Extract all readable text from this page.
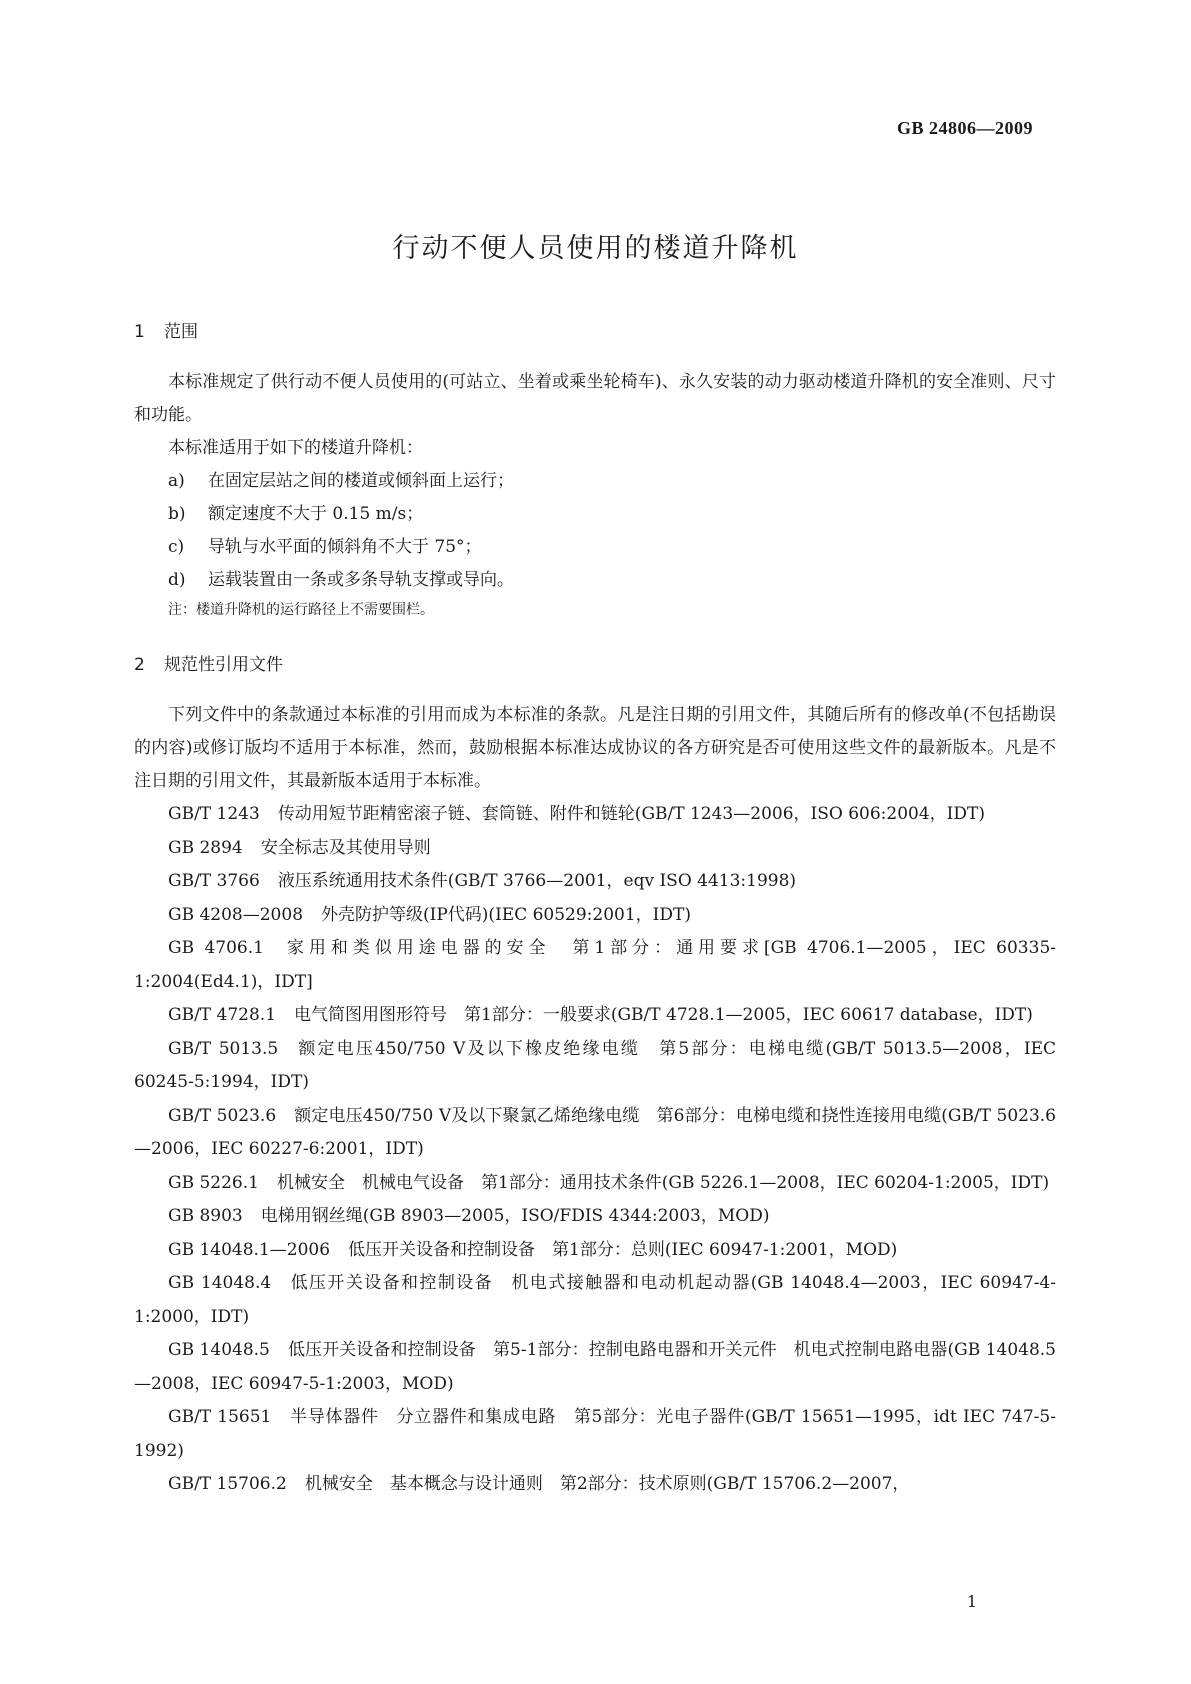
GB 24806—2009
行动不便人员使用的楼道升降机
1 范围

本标准规定了供行动不便人员使用的(可站立、坐着或乘坐轮椅车)、永久安装的动力驱动楼道升降机的安全准则、尺寸和功能。

本标准适用于如下的楼道升降机：

a) 在固定层站之间的楼道或倾斜面上运行；
b) 额定速度不大于 0.15 m/s；
c) 导轨与水平面的倾斜角不大于 75°；
d) 运载装置由一条或多条导轨支撑或导向。
注：楼道升降机的运行路径上不需要围栏。
2 规范性引用文件

下列文件中的条款通过本标准的引用而成为本标准的条款。凡是注日期的引用文件，其随后所有的修改单(不包括勘误的内容)或修订版均不适用于本标准，然而，鼓励根据本标准达成协议的各方研究是否可使用这些文件的最新版本。凡是不注日期的引用文件，其最新版本适用于本标准。

GB/T 1243 传动用短节距精密滚子链、套筒链、附件和链轮(GB/T 1243—2006，ISO 606:2004，IDT)

GB 2894 安全标志及其使用导则

GB/T 3766 液压系统通用技术条件(GB/T 3766—2001，eqv ISO 4413:1998)

GB 4208—2008 外壳防护等级(IP代码)(IEC 60529:2001，IDT)

GB 4706.1 家用和类似用途电器的安全　第1部分：通用要求[GB 4706.1—2005，IEC 60335-1:2004(Ed4.1)，IDT]

GB/T 4728.1 电气简图用图形符号　第1部分：一般要求(GB/T 4728.1—2005，IEC 60617 database，IDT)

GB/T 5013.5 额定电压450/750 V及以下橡皮绝缘电缆　第5部分：电梯电缆(GB/T 5013.5—2008，IEC 60245-5:1994，IDT)

GB/T 5023.6 额定电压450/750 V及以下聚氯乙烯绝缘电缆　第6部分：电梯电缆和挠性连接用电缆(GB/T 5023.6—2006，IEC 60227-6:2001，IDT)

GB 5226.1 机械安全　机械电气设备　第1部分：通用技术条件(GB 5226.1—2008，IEC 60204-1:2005，IDT)

GB 8903 电梯用钢丝绳(GB 8903—2005，ISO/FDIS 4344:2003，MOD)

GB 14048.1—2006 低压开关设备和控制设备　第1部分：总则(IEC 60947-1:2001，MOD)

GB 14048.4 低压开关设备和控制设备　机电式接触器和电动机起动器(GB 14048.4—2003，IEC 60947-4-1:2000，IDT)

GB 14048.5 低压开关设备和控制设备　第5-1部分：控制电路电器和开关元件　机电式控制电路电器(GB 14048.5—2008，IEC 60947-5-1:2003，MOD)

GB/T 15651 半导体器件　分立器件和集成电路　第5部分：光电子器件(GB/T 15651—1995，idt IEC 747-5-1992)

GB/T 15706.2 机械安全　基本概念与设计通则　第2部分：技术原则(GB/T 15706.2—2007，

1
